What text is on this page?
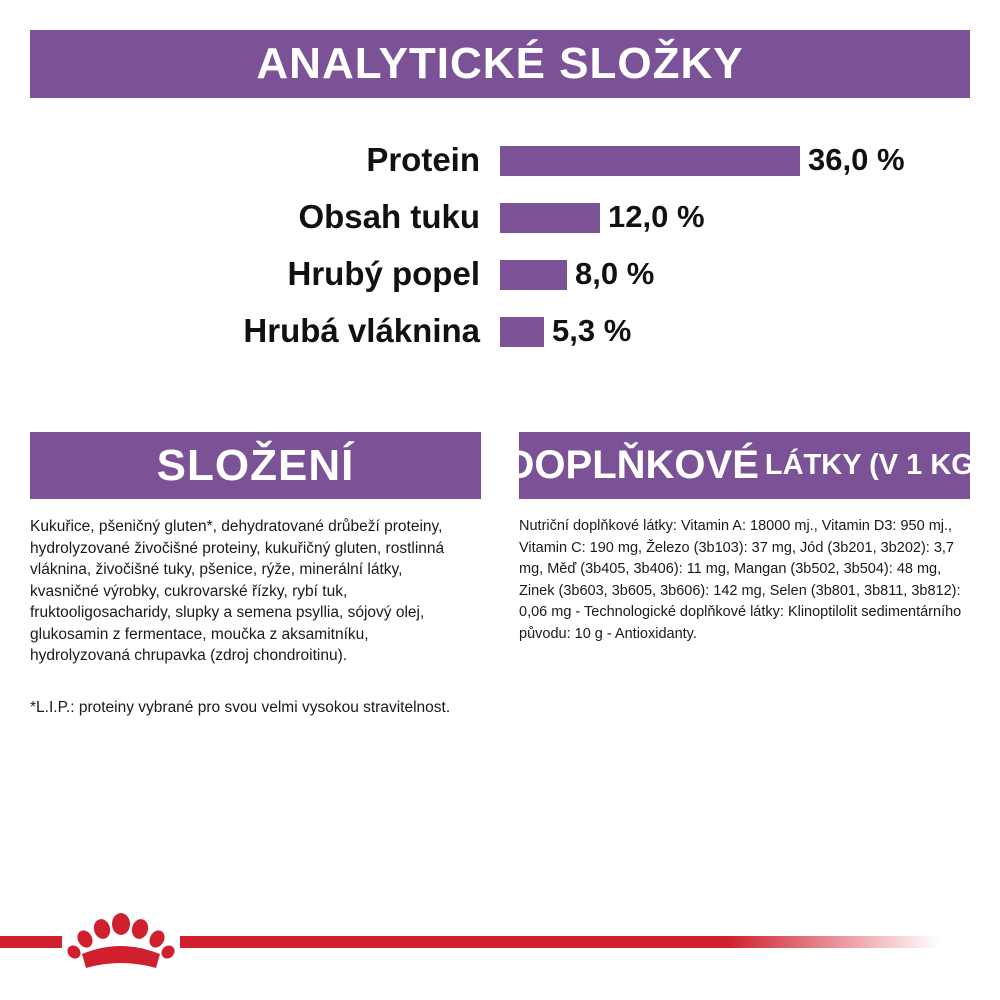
ANALYTICKÉ SLOŽKY
Protein	36,0 %
Obsah tuku	12,0 %
Hrubý popel	8,0 %
Hrubá vláknina 5,3 %
SLOŽENÍ	DOPLŇKOVÉ LÁTKY (V 1 KG)
Kukuřice, pšeničný gluten*, dehydratované drůbeží proteiny, hydrolyzované živočišné proteiny, kukuřičný gluten, rostlinná vláknina, živočišné tuky, pšenice, rýže, minerální látky, kvasničné výrobky, cukrovarské řízky, rybí tuk, fruktooligosacharidy, slupky a semena psyllia, sójový olej, glukosamin z fermentace, moučka z aksamitníku, hydrolyzovaná chrupavka (zdroj chondroitinu).
*L.I.P.: proteiny vybrané pro svou velmi vysokou stravitelnost.
Nutriční doplňkové látky: Vitamin A: 18000 mj., Vitamin D3: 950 mj., Vitamin C: 190 mg, Železo (3b103): 37 mg, Jód (3b201, 3b202): 3,7 mg, Měď (3b405, 3b406): 11 mg, Mangan (3b502, 3b504): 48 mg, Zinek (3b603, 3b605, 3b606): 142 mg, Selen (3b801, 3b811, 3b812): 0,06 mg - Technologické doplňkové látky: Klinoptilolit sedimentárního původu: 10 g - Antioxidanty.
